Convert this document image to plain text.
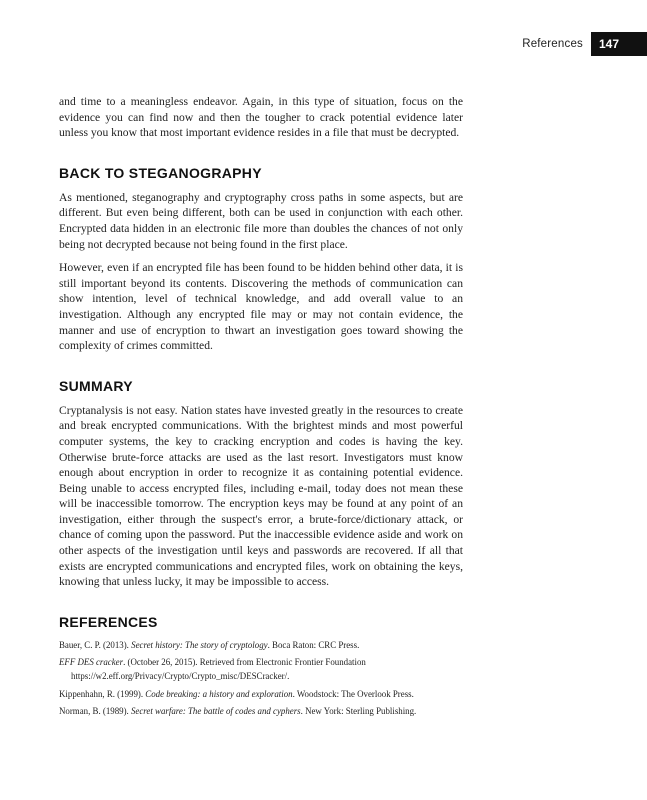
References	147

and time to a meaningless endeavor. Again, in this type of situation, focus on the evidence you can find now and then the tougher to crack potential evidence later unless you know that most important evidence resides in a file that must be decrypted.

BACK TO STEGANOGRAPHY

As mentioned, steganography and cryptography cross paths in some aspects, but are different. But even being different, both can be used in conjunction with each other. Encrypted data hidden in an electronic file more than doubles the chances of not only being not decrypted because not being found in the first place.

However, even if an encrypted file has been found to be hidden behind other data, it is still important beyond its contents. Discovering the methods of communication can show intention, level of technical knowledge, and add overall value to an investigation. Although any encrypted file may or may not contain evidence, the manner and use of encryption to thwart an investigation goes toward showing the complexity of crimes committed.

SUMMARY

Cryptanalysis is not easy. Nation states have invested greatly in the resources to create and break encrypted communications. With the brightest minds and most powerful computer systems, the key to cracking encryption and codes is having the key. Otherwise brute-force attacks are used as the last resort. Investigators must know enough about encryption in order to recognize it as containing potential evidence. Being unable to access encrypted files, including e-mail, today does not mean these will be inaccessible tomorrow. The encryption keys may be found at any point of an investigation, either through the suspect's error, a brute-force/dictionary attack, or chance of coming upon the password. Put the inaccessible evidence aside and work on other aspects of the investigation until keys and passwords are recovered. If all that exists are encrypted communications and encrypted files, work on obtaining the keys, knowing that unless lucky, it may be impossible to access.

REFERENCES

Bauer, C. P. (2013). Secret history: The story of cryptology. Boca Raton: CRC Press.

EFF DES cracker. (October 26, 2015). Retrieved from Electronic Frontier Foundation https://w2.eff.org/Privacy/Crypto/Crypto_misc/DESCracker/.

Kippenhahn, R. (1999). Code breaking: a history and exploration. Woodstock: The Overlook Press.

Norman, B. (1989). Secret warfare: The battle of codes and cyphers. New York: Sterling Publishing.
